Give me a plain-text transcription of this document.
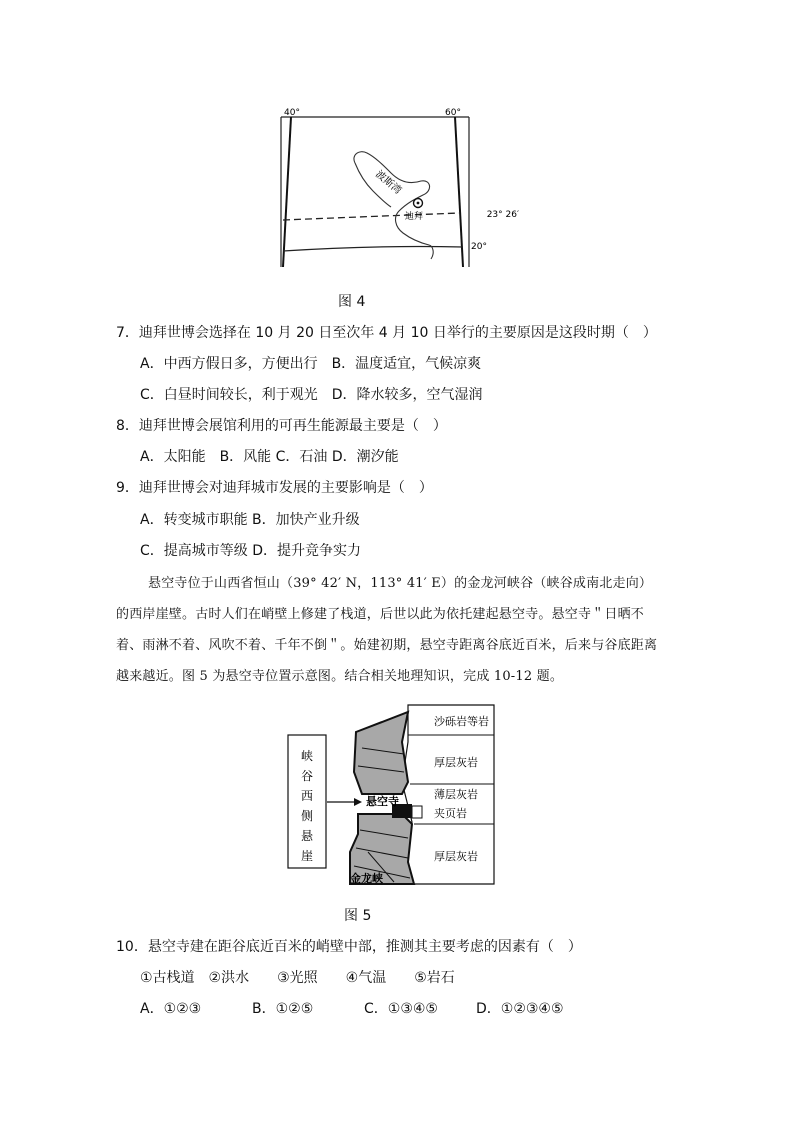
40°	60°
23° 26′
20°
波斯湾
迪拜
图 4
7．迪拜世博会选择在 10 月 20 日至次年 4 月 10 日举行的主要原因是这段时期（　）
A．中西方假日多，方便出行　B．温度适宜，气候凉爽
C．白昼时间较长，利于观光　D．降水较多，空气湿润
8．迪拜世博会展馆利用的可再生能源最主要是（　）
A．太阳能　B．风能 C．石油 D．潮汐能
9．迪拜世博会对迪拜城市发展的主要影响是（　）
A．转变城市职能 B．加快产业升级
C．提高城市等级 D．提升竞争实力
悬空寺位于山西省恒山（39° 42′ N，113° 41′ E）的金龙河峡谷（峡谷成南北走向）
的西岸崖壁。古时人们在峭壁上修建了栈道，后世以此为依托建起悬空寺。悬空寺＂日晒不
着、雨淋不着、风吹不着、千年不倒＂。始建初期，悬空寺距离谷底近百米，后来与谷底距离
越来越近。图 5 为悬空寺位置示意图。结合相关地理知识，完成 10-12 题。
峡谷西侧悬崖
沙砾岩等岩
厚层灰岩
薄层灰岩
夹页岩
厚层灰岩
悬空寺
金龙峡
图 5
10．悬空寺建在距谷底近百米的峭壁中部，推测其主要考虑的因素有（　）
①古栈道　②洪水　　③光照　　④气温　　⑤岩石
A．①②③	B．①②⑤	C．①③④⑤	D．①②③④⑤
